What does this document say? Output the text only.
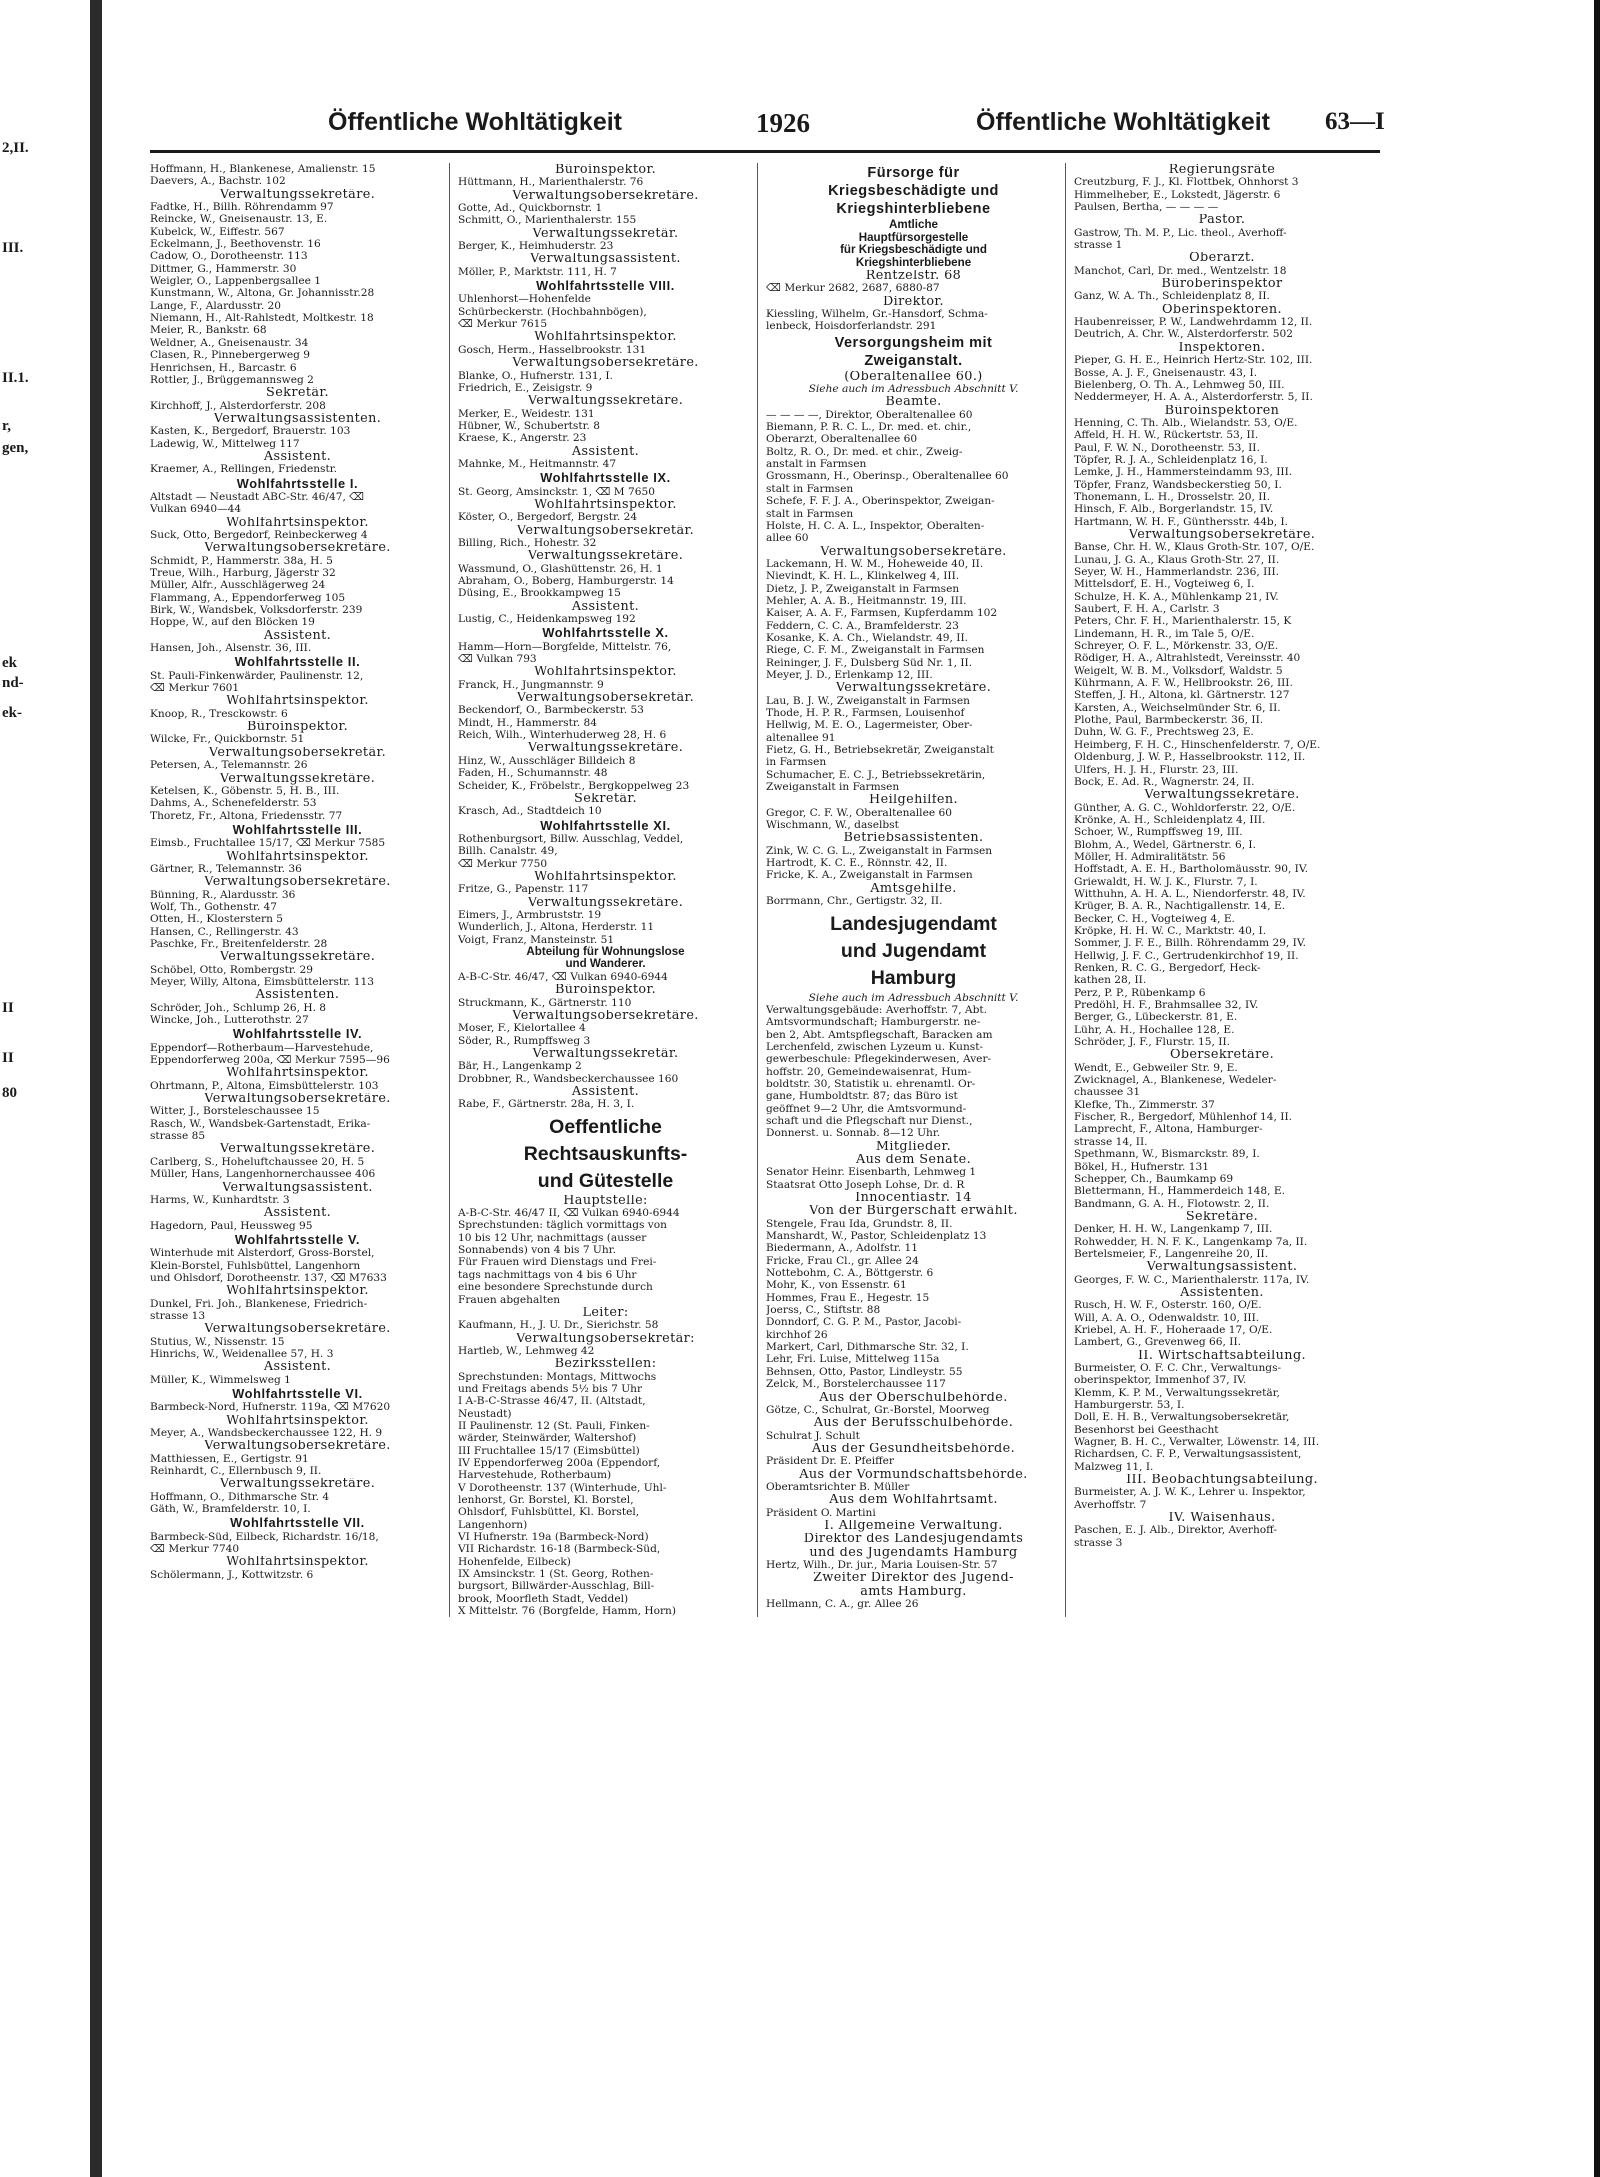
2,II.
III.
II.1.
r,
gen,
ek
nd-
ek-
II
II
80
Öffentliche Wohltätigkeit	1926	Öffentliche Wohltätigkeit 63—I
Hoffmann, H., Blankenese, Amalienstr. 15
Daevers, A., Bachstr. 102
Verwaltungssekretäre.
Fadtke, H., Billh. Röhrendamm 97
Reincke, W., Gneisenaustr. 13, E.
Kubelck, W., Eiffestr. 567
Eckelmann, J., Beethovenstr. 16
Cadow, O., Dorotheenstr. 113
Dittmer, G., Hammerstr. 30
Weigler, O., Lappenbergsallee 1
Kunstmann, W., Altona, Gr. Johannisstr.28
Lange, F., Alardusstr. 20
Niemann, H., Alt-Rahlstedt, Moltkestr. 18
Meier, R., Bankstr. 68
Weldner, A., Gneisenaustr. 34
Clasen, R., Pinnebergerweg 9
Henrichsen, H., Barcastr. 6
Rottler, J., Brüggemannsweg 2
Sekretär.
Kirchhoff, J., Alsterdorferstr. 208
Verwaltungsassistenten.
Kasten, K., Bergedorf, Brauerstr. 103
Ladewig, W., Mittelweg 117
Assistent.
Kraemer, A., Rellingen, Friedenstr.
Wohlfahrtsstelle I.
Altstadt — Neustadt ABC-Str. 46/47, ⌫
Vulkan 6940—44
Wohlfahrtsinspektor.
Suck, Otto, Bergedorf, Reinbeckerweg 4
Verwaltungsobersekretäre.
Schmidt, P., Hammerstr. 38a, H. 5
Treue, Wilh., Harburg, Jägerstr 32
Müller, Alfr., Ausschlägerweg 24
Flammang, A., Eppendorferweg 105
Birk, W., Wandsbek, Volksdorferstr. 239
Hoppe, W., auf den Blöcken 19
Assistent.
Hansen, Joh., Alsenstr. 36, III.
Wohlfahrtsstelle II.
St. Pauli-Finkenwärder, Paulinenstr. 12,
⌫ Merkur 7601
Wohlfahrtsinspektor.
Knoop, R., Tresckowstr. 6
Büroinspektor.
Wilcke, Fr., Quickbornstr. 51
Verwaltungsobersekretär.
Petersen, A., Telemannstr. 26
Verwaltungssekretäre.
Ketelsen, K., Göbenstr. 5, H. B., III.
Dahms, A., Schenefelderstr. 53
Thoretz, Fr., Altona, Friedensstr. 77
Wohlfahrtsstelle III.
Eimsb., Fruchtallee 15/17, ⌫ Merkur 7585
Wohlfahrtsinspektor.
Gärtner, R., Telemannstr. 36
Verwaltungsobersekretäre.
Bünning, R., Alardusstr. 36
Wolf, Th., Gothenstr. 47
Otten, H., Klosterstern 5
Hansen, C., Rellingerstr. 43
Paschke, Fr., Breitenfelderstr. 28
Verwaltungssekretäre.
Schöbel, Otto, Rombergstr. 29
Meyer, Willy, Altona, Eimsbüttelerstr. 113
Assistenten.
Schröder, Joh., Schlump 26, H. 8
Wincke, Joh., Lutterothstr. 27
Wohlfahrtsstelle IV.
Eppendorf—Rotherbaum—Harvestehude,
Eppendorferweg 200a, ⌫ Merkur 7595—96
Wohlfahrtsinspektor.
Ohrtmann, P., Altona, Eimsbüttelerstr. 103
Verwaltungsobersekretäre.
Witter, J., Borsteleschaussee 15
Rasch, W., Wandsbek-Gartenstadt, Erika-
strasse 85
Verwaltungssekretäre.
Carlberg, S., Hoheluftchaussee 20, H. 5
Müller, Hans, Langenhornerchaussee 406
Verwaltungsassistent.
Harms, W., Kunhardtstr. 3
Assistent.
Hagedorn, Paul, Heussweg 95
Wohlfahrtsstelle V.
Winterhude mit Alsterdorf, Gross-Borstel,
Klein-Borstel, Fuhlsbüttel, Langenhorn
und Ohlsdorf, Dorotheenstr. 137, ⌫ M7633
Wohlfahrtsinspektor.
Dunkel, Fri. Joh., Blankenese, Friedrich-
strasse 13
Verwaltungsobersekretäre.
Stutius, W., Nissenstr. 15
Hinrichs, W., Weidenallee 57, H. 3
Assistent.
Müller, K., Wimmelsweg 1
Wohlfahrtsstelle VI.
Barmbeck-Nord, Hufnerstr. 119a, ⌫ M7620
Wohlfahrtsinspektor.
Meyer, A., Wandsbeckerchaussee 122, H. 9
Verwaltungsobersekretäre.
Matthiessen, E., Gertigstr. 91
Reinhardt, C., Ellernbusch 9, II.
Verwaltungssekretäre.
Hoffmann, O., Dithmarsche Str. 4
Gäth, W., Bramfelderstr. 10, I.
Wohlfahrtsstelle VII.
Barmbeck-Süd, Eilbeck, Richardstr. 16/18,
⌫ Merkur 7740
Wohlfahrtsinspektor.
Schölermann, J., Kottwitzstr. 6
Büroinspektor.
Hüttmann, H., Marienthalerstr. 76
Verwaltungsobersekretäre.
Gotte, Ad., Quickbornstr. 1
Schmitt, O., Marienthalerstr. 155
Verwaltungssekretär.
Berger, K., Heimhuderstr. 23
Verwaltungsassistent.
Möller, P., Marktstr. 111, H. 7
Wohlfahrtsstelle VIII.
Uhlenhorst—Hohenfelde
Schürbeckerstr. (Hochbahnbögen),
⌫ Merkur 7615
Wohlfahrtsinspektor.
Gosch, Herm., Hasselbrookstr. 131
Verwaltungsobersekretäre.
Blanke, O., Hufnerstr. 131, I.
Friedrich, E., Zeisigstr. 9
Verwaltungssekretäre.
Merker, E., Weidestr. 131
Hübner, W., Schubertstr. 8
Kraese, K., Angerstr. 23
Assistent.
Mahnke, M., Heitmannstr. 47
Wohlfahrtsstelle IX.
St. Georg, Amsinckstr. 1, ⌫ M 7650
Wohlfahrtsinspektor.
Köster, O., Bergedorf, Bergstr. 24
Verwaltungsobersekretär.
Billing, Rich., Hohestr. 32
Verwaltungssekretäre.
Wassmund, O., Glashüttenstr. 26, H. 1
Abraham, O., Boberg, Hamburgerstr. 14
Düsing, E., Brookkampweg 15
Assistent.
Lustig, C., Heidenkampsweg 192
Wohlfahrtsstelle X.
Hamm—Horn—Borgfelde, Mittelstr. 76,
⌫ Vulkan 793
Wohlfahrtsinspektor.
Franck, H., Jungmannstr. 9
Verwaltungsobersekretär.
Beckendorf, O., Barmbeckerstr. 53
Mindt, H., Hammerstr. 84
Reich, Wilh., Winterhuderweg 28, H. 6
Verwaltungssekretäre.
Hinz, W., Ausschläger Billdeich 8
Faden, H., Schumannstr. 48
Scheider, K., Fröbelstr., Bergkoppelweg 23
Sekretär.
Krasch, Ad., Stadtdeich 10
Wohlfahrtsstelle XI.
Rothenburgsort, Billw. Ausschlag, Veddel,
Billh. Canalstr. 49,
⌫ Merkur 7750
Wohlfahrtsinspektor.
Fritze, G., Papenstr. 117
Verwaltungssekretäre.
Eimers, J., Armbruststr. 19
Wunderlich, J., Altona, Herderstr. 11
Voigt, Franz, Mansteinstr. 51
Abteilung für Wohnungslose
und Wanderer.
A-B-C-Str. 46/47, ⌫ Vulkan 6940-6944
Büroinspektor.
Struckmann, K., Gärtnerstr. 110
Verwaltungsobersekretäre.
Moser, F., Kielortallee 4
Söder, R., Rumpffsweg 3
Verwaltungssekretär.
Bär, H., Langenkamp 2
Drobbner, R., Wandsbeckerchaussee 160
Assistent.
Rabe, F., Gärtnerstr. 28a, H. 3, I.
Oeffentliche
Rechtsauskunfts-
und Gütestelle
Hauptstelle:
A-B-C-Str. 46/47 II, ⌫ Vulkan 6940-6944
Sprechstunden: täglich vormittags von
10 bis 12 Uhr, nachmittags (ausser
Sonnabends) von 4 bis 7 Uhr.
Für Frauen wird Dienstags und Frei-
tags nachmittags von 4 bis 6 Uhr
eine besondere Sprechstunde durch
Frauen abgehalten
Leiter:
Kaufmann, H., J. U. Dr., Sierichstr. 58
Verwaltungsobersekretär:
Hartleb, W., Lehmweg 42
Bezirksstellen:
Sprechstunden: Montags, Mittwochs
und Freitags abends 5½ bis 7 Uhr
I A-B-C-Strasse 46/47, II. (Altstadt,
Neustadt)
II Paulinenstr. 12 (St. Pauli, Finken-
wärder, Steinwärder, Waltershof)
III Fruchtallee 15/17 (Eimsbüttel)
IV Eppendorferweg 200a (Eppendorf,
Harvestehude, Rotherbaum)
V Dorotheenstr. 137 (Winterhude, Uhl-
lenhorst, Gr. Borstel, Kl. Borstel,
Ohlsdorf, Fuhlsbüttel, Kl. Borstel,
Langenhorn)
VI Hufnerstr. 19a (Barmbeck-Nord)
VII Richardstr. 16-18 (Barmbeck-Süd,
Hohenfelde, Eilbeck)
IX Amsinckstr. 1 (St. Georg, Rothen-
burgsort, Billwärder-Ausschlag, Bill-
brook, Moorfleth Stadt, Veddel)
X Mittelstr. 76 (Borgfelde, Hamm, Horn)
Fürsorge für
Kriegsbeschädigte und
Kriegshinterbliebene
Amtliche
Hauptfürsorgestelle
für Kriegsbeschädigte und
Kriegshinterbliebene
Rentzelstr. 68
⌫ Merkur 2682, 2687, 6880-87
Direktor.
Kiessling, Wilhelm, Gr.-Hansdorf, Schma-
lenbeck, Hoisdorferlandstr. 291
Versorgungsheim mit
Zweiganstalt.
(Oberaltenallee 60.)
Siehe auch im Adressbuch Abschnitt V.
Beamte.
— — — —, Direktor, Oberaltenallee 60
Biemann, P. R. C. L., Dr. med. et. chir.,
Oberarzt, Oberaltenallee 60
Boltz, R. O., Dr. med. et chir., Zweig-
anstalt in Farmsen
Grossmann, H., Oberinsp., Oberaltenallee 60
stalt in Farmsen
Schefe, F. F. J. A., Oberinspektor, Zweigan-
stalt in Farmsen
Holste, H. C. A. L., Inspektor, Oberalten-
allee 60
Verwaltungsobersekretäre.
Lackemann, H. W. M., Hoheweide 40, II.
Nievindt, K. H. L., Klinkelweg 4, III.
Dietz, J. P., Zweiganstalt in Farmsen
Mehler, A. A. B., Heitmannstr. 19, III.
Kaiser, A. A. F., Farmsen, Kupferdamm 102
Feddern, C. C. A., Bramfelderstr. 23
Kosanke, K. A. Ch., Wielandstr. 49, II.
Riege, C. F. M., Zweiganstalt in Farmsen
Reininger, J. F., Dulsberg Süd Nr. 1, II.
Meyer, J. D., Erlenkamp 12, III.
Verwaltungssekretäre.
Lau, B. J. W., Zweiganstalt in Farmsen
Thode, H. P. R., Farmsen, Louisenhof
Hellwig, M. E. O., Lagermeister, Ober-
altenallee 91
Fietz, G. H., Betriebsekretär, Zweiganstalt
in Farmsen
Schumacher, E. C. J., Betriebssekretärin,
Zweiganstalt in Farmsen
Heilgehilfen.
Gregor, C. F. W., Oberaltenallee 60
Wischmann, W., daselbst
Betriebsassistenten.
Zink, W. C. G. L., Zweiganstalt in Farmsen
Hartrodt, K. C. E., Rönnstr. 42, II.
Fricke, K. A., Zweiganstalt in Farmsen
Amtsgehilfe.
Borrmann, Chr., Gertigstr. 32, II.
Landesjugendamt
und Jugendamt
Hamburg
Siehe auch im Adressbuch Abschnitt V.
Verwaltungsgebäude: Averhoffstr. 7, Abt.
Amtsvormundschaft; Hamburgerstr. ne-
ben 2, Abt. Amtspflegschaft, Baracken am
Lerchenfeld, zwischen Lyzeum u. Kunst-
gewerbeschule: Pflegekinderwesen, Aver-
hoffstr. 20, Gemeindewaisenrat, Hum-
boldtstr. 30, Statistik u. ehrenamtl. Or-
gane, Humboldtstr. 87; das Büro ist
geöffnet 9—2 Uhr, die Amtsvormund-
schaft und die Pflegschaft nur Dienst.,
Donnerst. u. Sonnab. 8—12 Uhr.
Mitglieder.
Aus dem Senate.
Senator Heinr. Eisenbarth, Lehmweg 1
Staatsrat Otto Joseph Lohse, Dr. d. R
Innocentiastr. 14
Von der Bürgerschaft erwählt.
Stengele, Frau Ida, Grundstr. 8, II.
Manshardt, W., Pastor, Schleidenplatz 13
Biedermann, A., Adolfstr. 11
Fricke, Frau Cl., gr. Allee 24
Nottebohm, C. A., Böttgerstr. 6
Mohr, K., von Essenstr. 61
Hommes, Frau E., Hegestr. 15
Joerss, C., Stiftstr. 88
Donndorf, C. G. P. M., Pastor, Jacobi-
kirchhof 26
Markert, Carl, Dithmarsche Str. 32, I.
Lehr, Fri. Luise, Mittelweg 115a
Behnsen, Otto, Pastor, Lindleystr. 55
Zelck, M., Borstelerchaussee 117
Aus der Oberschulbehörde.
Götze, C., Schulrat, Gr.-Borstel, Moorweg
Aus der Berufsschulbehörde.
Schulrat J. Schult
Aus der Gesundheitsbehörde.
Präsident Dr. E. Pfeiffer
Aus der Vormundschaftsbehörde.
Oberamtsrichter B. Müller
Aus dem Wohlfahrtsamt.
Präsident O. Martini
I. Allgemeine Verwaltung.
Direktor des Landesjugendamts
und des Jugendamts Hamburg
Hertz, Wilh., Dr. jur., Maria Louisen-Str. 57
Zweiter Direktor des Jugend-
amts Hamburg.
Hellmann, C. A., gr. Allee 26
Regierungsräte
Creutzburg, F. J., Kl. Flottbek, Ohnhorst 3
Himmelheber, E., Lokstedt, Jägerstr. 6
Paulsen, Bertha, — — — —
Pastor.
Gastrow, Th. M. P., Lic. theol., Averhoff-
strasse 1
Oberarzt.
Manchot, Carl, Dr. med., Wentzelstr. 18
Büroberinspektor
Ganz, W. A. Th., Schleidenplatz 8, II.
Oberinspektoren.
Haubenreisser, P. W., Landwehrdamm 12, II.
Deutrich, A. Chr. W., Alsterdorferstr. 502
Inspektoren.
Pieper, G. H. E., Heinrich Hertz-Str. 102, III.
Bosse, A. J. F., Gneisenaustr. 43, I.
Bielenberg, O. Th. A., Lehmweg 50, III.
Neddermeyer, H. A. A., Alsterdorferstr. 5, II.
Büroinspektoren
Henning, C. Th. Alb., Wielandstr. 53, O/E.
Affeld, H. H. W., Rückertstr. 53, II.
Paul, F. W. N., Dorotheenstr. 53, II.
Töpfer, R. J. A., Schleidenplatz 16, I.
Lemke, J. H., Hammersteindamm 93, III.
Töpfer, Franz, Wandsbeckerstieg 50, I.
Thonemann, L. H., Drosselstr. 20, II.
Hinsch, F. Alb., Borgerlandstr. 15, IV.
Hartmann, W. H. F., Günthersstr. 44b, I.
Verwaltungsobersekretäre.
Banse, Chr. H. W., Klaus Groth-Str. 107, O/E.
Lunau, J. G. A., Klaus Groth-Str. 27, II.
Seyer, W. H., Hammerlandstr. 236, III.
Mittelsdorf, E. H., Vogteiweg 6, I.
Schulze, H. K. A., Mühlenkamp 21, IV.
Saubert, F. H. A., Carlstr. 3
Peters, Chr. F. H., Marienthalerstr. 15, K
Lindemann, H. R., im Tale 5, O/E.
Schreyer, O. F. L., Mörkenstr. 33, O/E.
Rödiger, H. A., Altrahlstedt, Vereinsstr. 40
Weigelt, W. B. M., Volksdorf, Waldstr. 5
Kührmann, A. F. W., Hellbrookstr. 26, III.
Steffen, J. H., Altona, kl. Gärtnerstr. 127
Karsten, A., Weichselmünder Str. 6, II.
Plothe, Paul, Barmbeckerstr. 36, II.
Duhn, W. G. F., Prechtsweg 23, E.
Heimberg, F. H. C., Hinschenfelderstr. 7, O/E.
Oldenburg, J. W. P., Hasselbrookstr. 112, II.
Ulfers, H. J. H., Flurstr. 23, III.
Bock, E. Ad. R., Wagnerstr. 24, II.
Verwaltungssekretäre.
Günther, A. G. C., Wohldorferstr. 22, O/E.
Krönke, A. H., Schleidenplatz 4, III.
Schoer, W., Rumpffsweg 19, III.
Blohm, A., Wedel, Gärtnerstr. 6, I.
Möller, H. Admiralitätstr. 56
Hoffstadt, A. E. H., Bartholomäusstr. 90, IV.
Griewaldt, H. W. J. K., Flurstr. 7, I.
Witthuhn, A. H. A. L., Niendorferstr. 48, IV.
Krüger, B. A. R., Nachtigallenstr. 14, E.
Becker, C. H., Vogteiweg 4, E.
Kröpke, H. H. W. C., Marktstr. 40, I.
Sommer, J. F. E., Billh. Röhrendamm 29, IV.
Hellwig, J. F. C., Gertrudenkirchhof 19, II.
Renken, R. C. G., Bergedorf, Heck-
kathen 28, II.
Perz, P. P., Rübenkamp 6
Predöhl, H. F., Brahmsallee 32, IV.
Berger, G., Lübeckerstr. 81, E.
Lühr, A. H., Hochallee 128, E.
Schröder, J. F., Flurstr. 15, II.
Obersekretäre.
Wendt, E., Gebweiler Str. 9, E.
Zwicknagel, A., Blankenese, Wedeler-
chaussee 31
Klefke, Th., Zimmerstr. 37
Fischer, R., Bergedorf, Mühlenhof 14, II.
Lamprecht, F., Altona, Hamburger-
strasse 14, II.
Spethmann, W., Bismarckstr. 89, I.
Bökel, H., Hufnerstr. 131
Schepper, Ch., Baumkamp 69
Blettermann, H., Hammerdeich 148, E.
Bandmann, G. A. H., Flotowstr. 2, II.
Sekretäre.
Denker, H. H. W., Langenkamp 7, III.
Rohwedder, H. N. F. K., Langenkamp 7a, II.
Bertelsmeier, F., Langenreihe 20, II.
Verwaltungsassistent.
Georges, F. W. C., Marienthalerstr. 117a, IV.
Assistenten.
Rusch, H. W. F., Osterstr. 160, O/E.
Will, A. A. O., Odenwaldstr. 10, III.
Kriebel, A. H. F., Hoheraade 17, O/E.
Lambert, G., Grevenweg 66, II.
II. Wirtschaftsabteilung.
Burmeister, O. F. C. Chr., Verwaltungs-
oberinspektor, Immenhof 37, IV.
Klemm, K. P. M., Verwaltungssekretär,
Hamburgerstr. 53, I.
Doll, E. H. B., Verwaltungsobersekretär,
Besenhorst bei Geesthacht
Wagner, B. H. C., Verwalter, Löwenstr. 14, III.
Richardsen, C. F. P., Verwaltungsassistent,
Malzweg 11, I.
III. Beobachtungsabteilung.
Burmeister, A. J. W. K., Lehrer u. Inspektor,
Averhoffstr. 7
IV. Waisenhaus.
Paschen, E. J. Alb., Direktor, Averhoff-
strasse 3
